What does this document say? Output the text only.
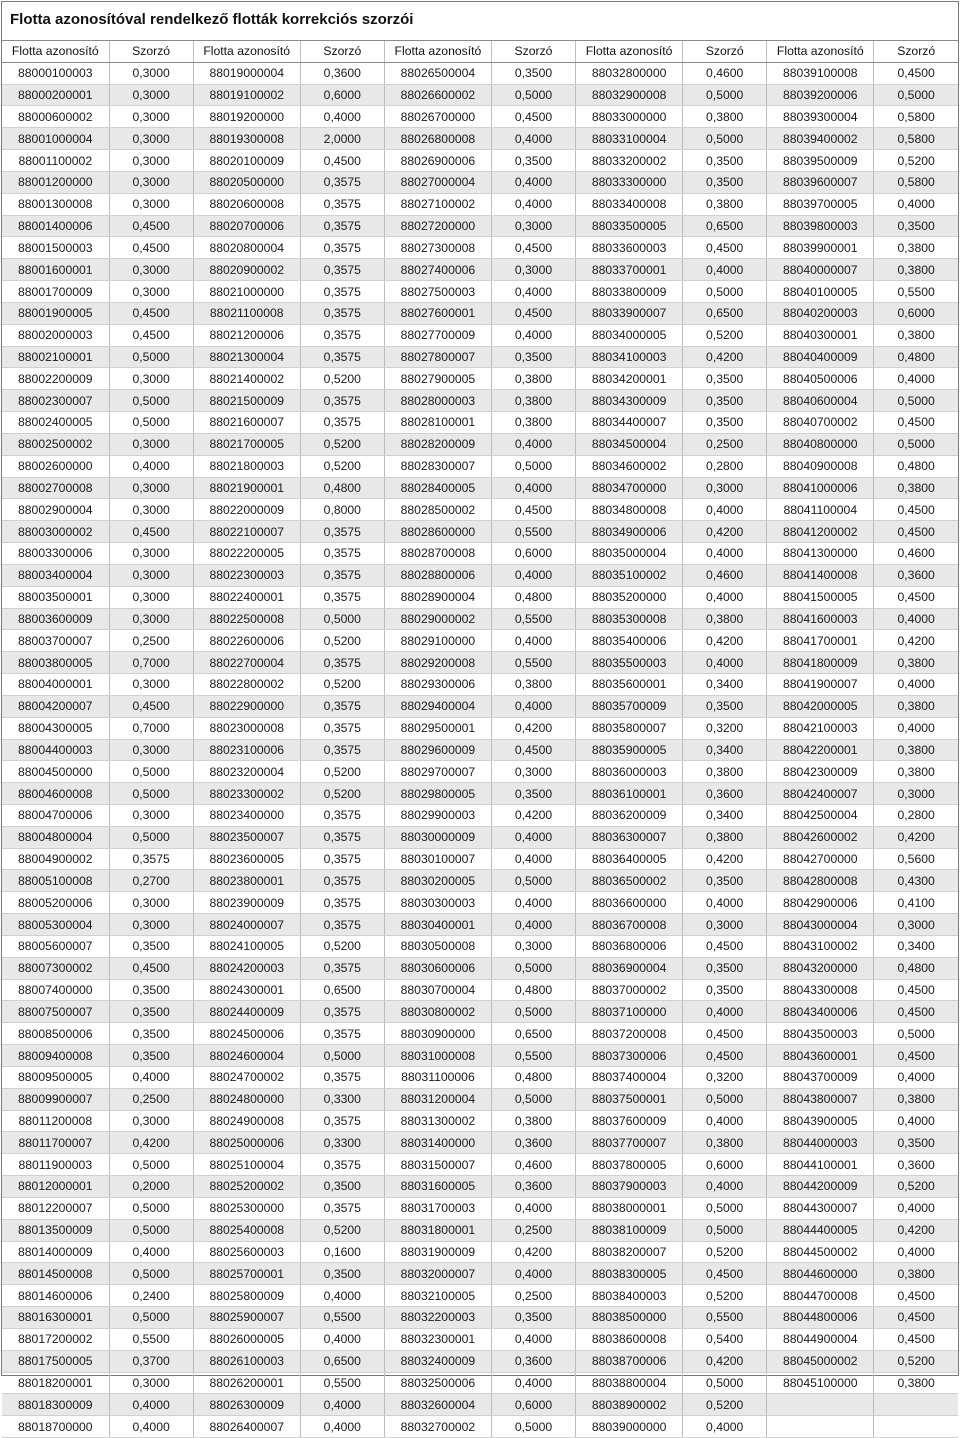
Flotta azonosítóval rendelkező flották korrekciós szorzói
Flotta azonosító	Szorzó	Flotta azonosító	Szorzó	Flotta azonosító	Szorzó	Flotta azonosító	Szorzó	Flotta azonosító	Szorzó
88000100003	0,3000	88019000004	0,3600	88026500004	0,3500	88032800000	0,4600	88039100008	0,4500
88000200001	0,3000	88019100002	0,6000	88026600002	0,5000	88032900008	0,5000	88039200006	0,5000
88000600002	0,3000	88019200000	0,4000	88026700000	0,4500	88033000000	0,3800	88039300004	0,5800
88001000004	0,3000	88019300008	2,0000	88026800008	0,4000	88033100004	0,5000	88039400002	0,5800
88001100002	0,3000	88020100009	0,4500	88026900006	0,3500	88033200002	0,3500	88039500009	0,5200
88001200000	0,3000	88020500000	0,3575	88027000004	0,4000	88033300000	0,3500	88039600007	0,5800
88001300008	0,3000	88020600008	0,3575	88027100002	0,4000	88033400008	0,3800	88039700005	0,4000
88001400006	0,4500	88020700006	0,3575	88027200000	0,3000	88033500005	0,6500	88039800003	0,3500
88001500003	0,4500	88020800004	0,3575	88027300008	0,4500	88033600003	0,4500	88039900001	0,3800
88001600001	0,3000	88020900002	0,3575	88027400006	0,3000	88033700001	0,4000	88040000007	0,3800
88001700009	0,3000	88021000000	0,3575	88027500003	0,4000	88033800009	0,5000	88040100005	0,5500
88001900005	0,4500	88021100008	0,3575	88027600001	0,4500	88033900007	0,6500	88040200003	0,6000
88002000003	0,4500	88021200006	0,3575	88027700009	0,4000	88034000005	0,5200	88040300001	0,3800
88002100001	0,5000	88021300004	0,3575	88027800007	0,3500	88034100003	0,4200	88040400009	0,4800
88002200009	0,3000	88021400002	0,5200	88027900005	0,3800	88034200001	0,3500	88040500006	0,4000
88002300007	0,5000	88021500009	0,3575	88028000003	0,3800	88034300009	0,3500	88040600004	0,5000
88002400005	0,5000	88021600007	0,3575	88028100001	0,3800	88034400007	0,3500	88040700002	0,4500
88002500002	0,3000	88021700005	0,5200	88028200009	0,4000	88034500004	0,2500	88040800000	0,5000
88002600000	0,4000	88021800003	0,5200	88028300007	0,5000	88034600002	0,2800	88040900008	0,4800
88002700008	0,3000	88021900001	0,4800	88028400005	0,4000	88034700000	0,3000	88041000006	0,3800
88002900004	0,3000	88022000009	0,8000	88028500002	0,4500	88034800008	0,4000	88041100004	0,4500
88003000002	0,4500	88022100007	0,3575	88028600000	0,5500	88034900006	0,4200	88041200002	0,4500
88003300006	0,3000	88022200005	0,3575	88028700008	0,6000	88035000004	0,4000	88041300000	0,4600
88003400004	0,3000	88022300003	0,3575	88028800006	0,4000	88035100002	0,4600	88041400008	0,3600
88003500001	0,3000	88022400001	0,3575	88028900004	0,4800	88035200000	0,4000	88041500005	0,4500
88003600009	0,3000	88022500008	0,5000	88029000002	0,5500	88035300008	0,3800	88041600003	0,4000
88003700007	0,2500	88022600006	0,5200	88029100000	0,4000	88035400006	0,4200	88041700001	0,4200
88003800005	0,7000	88022700004	0,3575	88029200008	0,5500	88035500003	0,4000	88041800009	0,3800
88004000001	0,3000	88022800002	0,5200	88029300006	0,3800	88035600001	0,3400	88041900007	0,4000
88004200007	0,4500	88022900000	0,3575	88029400004	0,4000	88035700009	0,3500	88042000005	0,3800
88004300005	0,7000	88023000008	0,3575	88029500001	0,4200	88035800007	0,3200	88042100003	0,4000
88004400003	0,3000	88023100006	0,3575	88029600009	0,4500	88035900005	0,3400	88042200001	0,3800
88004500000	0,5000	88023200004	0,5200	88029700007	0,3000	88036000003	0,3800	88042300009	0,3800
88004600008	0,5000	88023300002	0,5200	88029800005	0,3500	88036100001	0,3600	88042400007	0,3000
88004700006	0,3000	88023400000	0,3575	88029900003	0,4200	88036200009	0,3400	88042500004	0,2800
88004800004	0,5000	88023500007	0,3575	88030000009	0,4000	88036300007	0,3800	88042600002	0,4200
88004900002	0,3575	88023600005	0,3575	88030100007	0,4000	88036400005	0,4200	88042700000	0,5600
88005100008	0,2700	88023800001	0,3575	88030200005	0,5000	88036500002	0,3500	88042800008	0,4300
88005200006	0,3000	88023900009	0,3575	88030300003	0,4000	88036600000	0,4000	88042900006	0,4100
88005300004	0,3000	88024000007	0,3575	88030400001	0,4000	88036700008	0,3000	88043000004	0,3000
88005600007	0,3500	88024100005	0,5200	88030500008	0,3000	88036800006	0,4500	88043100002	0,3400
88007300002	0,4500	88024200003	0,3575	88030600006	0,5000	88036900004	0,3500	88043200000	0,4800
88007400000	0,3500	88024300001	0,6500	88030700004	0,4800	88037000002	0,3500	88043300008	0,4500
88007500007	0,3500	88024400009	0,3575	88030800002	0,5000	88037100000	0,4000	88043400006	0,4500
88008500006	0,3500	88024500006	0,3575	88030900000	0,6500	88037200008	0,4500	88043500003	0,5000
88009400008	0,3500	88024600004	0,5000	88031000008	0,5500	88037300006	0,4500	88043600001	0,4500
88009500005	0,4000	88024700002	0,3575	88031100006	0,4800	88037400004	0,3200	88043700009	0,4000
88009900007	0,2500	88024800000	0,3300	88031200004	0,5000	88037500001	0,5000	88043800007	0,3800
88011200008	0,3000	88024900008	0,3575	88031300002	0,3800	88037600009	0,4000	88043900005	0,4000
88011700007	0,4200	88025000006	0,3300	88031400000	0,3600	88037700007	0,3800	88044000003	0,3500
88011900003	0,5000	88025100004	0,3575	88031500007	0,4600	88037800005	0,6000	88044100001	0,3600
88012000001	0,2000	88025200002	0,3500	88031600005	0,3600	88037900003	0,4000	88044200009	0,5200
88012200007	0,5000	88025300000	0,3575	88031700003	0,4000	88038000001	0,5000	88044300007	0,4000
88013500009	0,5000	88025400008	0,5200	88031800001	0,2500	88038100009	0,5000	88044400005	0,4200
88014000009	0,4000	88025600003	0,1600	88031900009	0,4200	88038200007	0,5200	88044500002	0,4000
88014500008	0,5000	88025700001	0,3500	88032000007	0,4000	88038300005	0,4500	88044600000	0,3800
88014600006	0,2400	88025800009	0,4000	88032100005	0,2500	88038400003	0,5200	88044700008	0,4500
88016300001	0,5000	88025900007	0,5500	88032200003	0,3500	88038500000	0,5500	88044800006	0,4500
88017200002	0,5500	88026000005	0,4000	88032300001	0,4000	88038600008	0,5400	88044900004	0,4500
88017500005	0,3700	88026100003	0,6500	88032400009	0,3600	88038700006	0,4200	88045000002	0,5200
88018200001	0,3000	88026200001	0,5500	88032500006	0,4000	88038800004	0,5000	88045100000	0,3800
88018300009	0,4000	88026300009	0,4000	88032600004	0,6000	88038900002	0,5200		
88018700000	0,4000	88026400007	0,4000	88032700002	0,5000	88039000000	0,4000		
